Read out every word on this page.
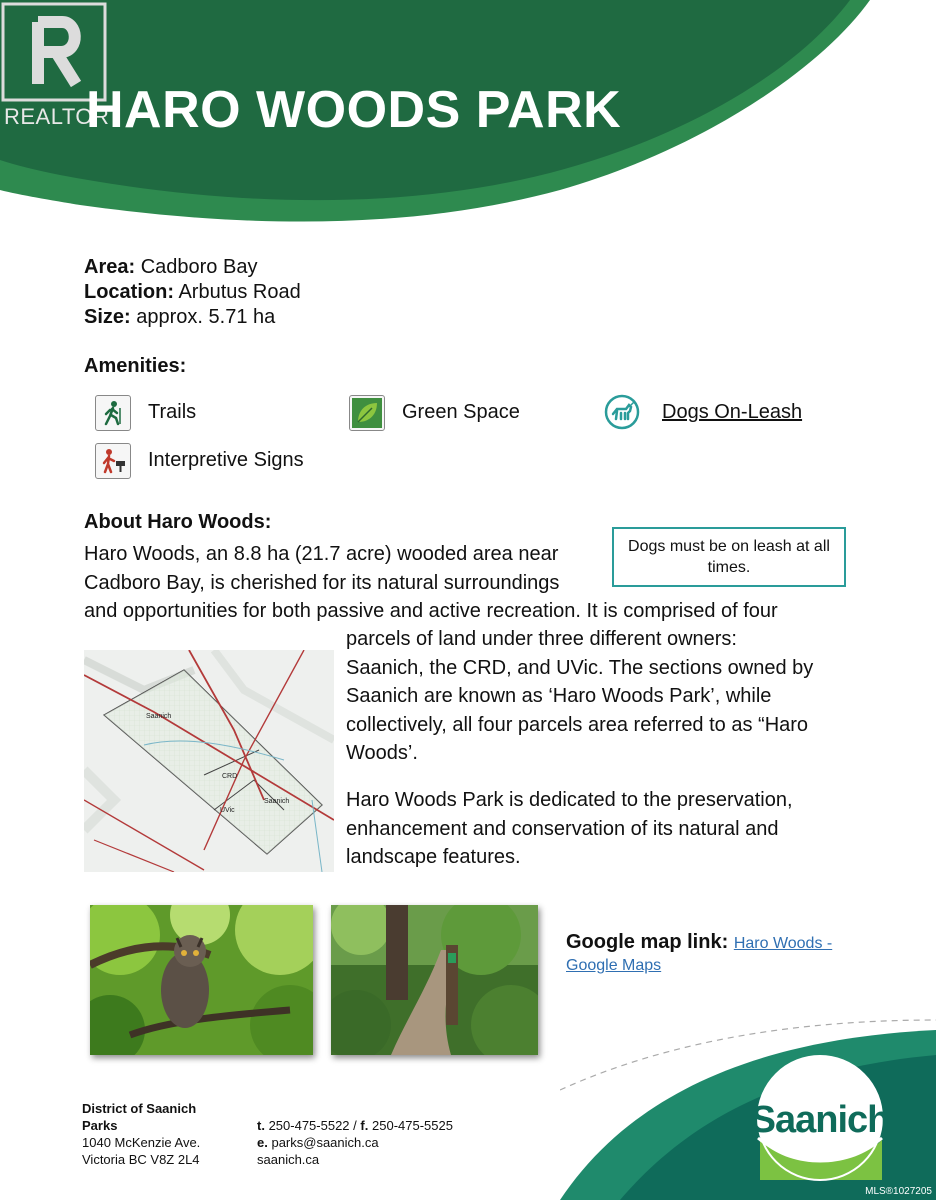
REALTOR
HARO WOODS PARK
Area: Cadboro Bay
Location: Arbutus Road
Size: approx. 5.71 ha
Amenities:
Trails	Green Space	Dogs On-Leash
Interpretive Signs
About Haro Woods:
Dogs must be on leash at all times.
Haro Woods, an 8.8 ha (21.7 acre) wooded area near
Cadboro Bay, is cherished for its natural surroundings
and opportunities for both passive and active recreation. It is comprised of four
parcels of land under three different owners:
Saanich, the CRD, and UVic. The sections owned by
Saanich are known as ‘Haro Woods Park’, while
collectively, all four parcels area referred to as “Haro
Woods’.
Haro Woods Park is dedicated to the preservation,
enhancement and conservation of its natural and
landscape features.
Saanich
CRD
UVic
Saanich
Google map link: Haro Woods -
Google Maps
Saanich
District of Saanich
Parks
1040 McKenzie Ave.
Victoria BC V8Z 2L4
t. 250-475-5522 / f. 250-475-5525
e. parks@saanich.ca
saanich.ca
MLS®1027205
